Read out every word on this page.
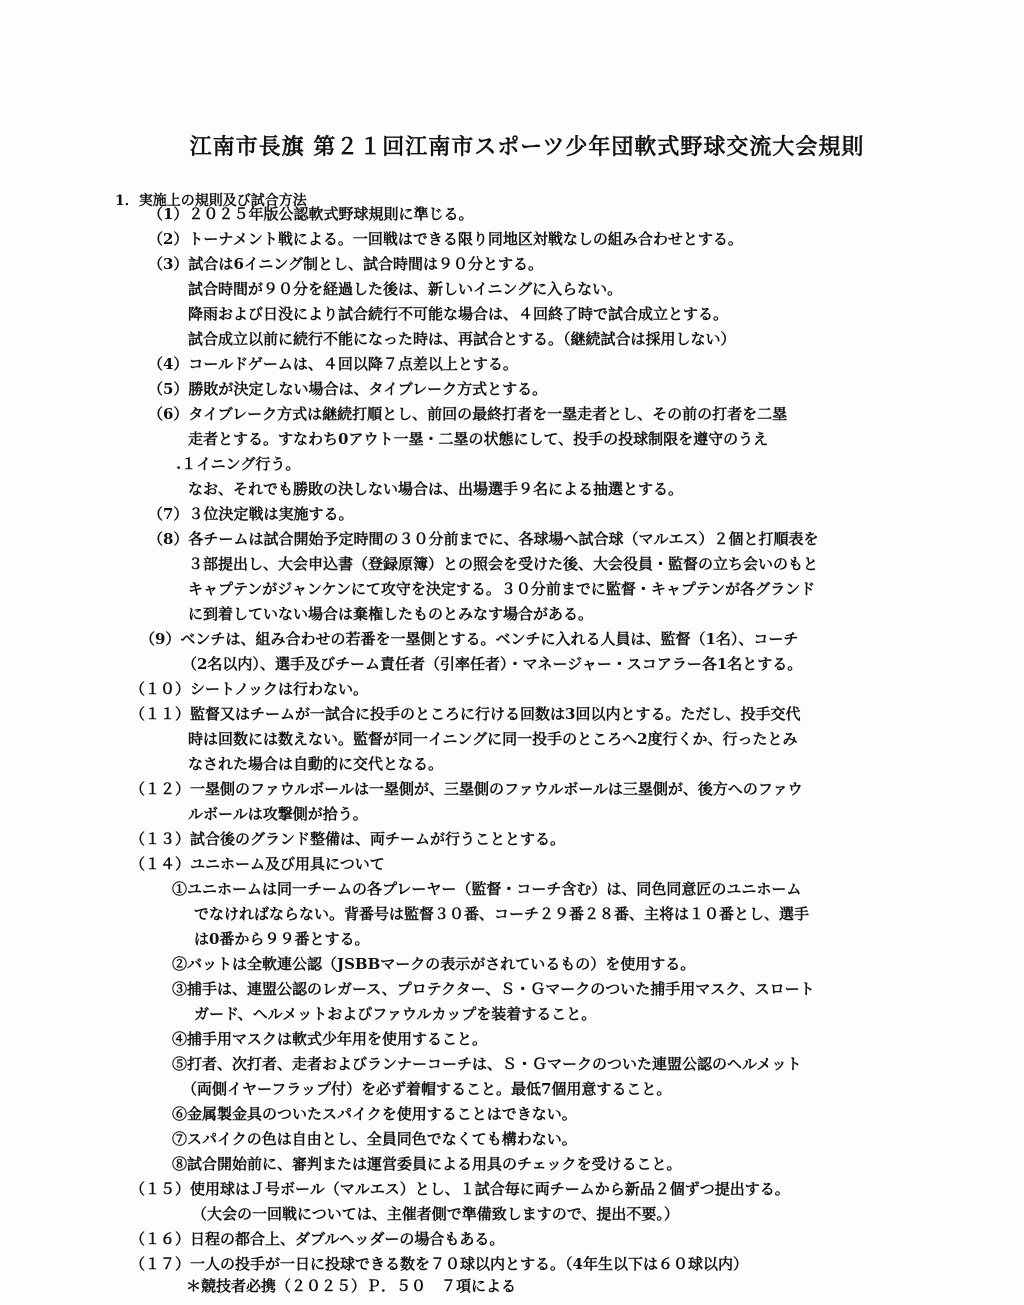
江南市長旗 第２１回江南市スポーツ少年団軟式野球交流大会規則
1．実施上の規則及び試合方法
（1）２０２５年版公認軟式野球規則に準じる。
（2）トーナメント戦による。一回戦はできる限り同地区対戦なしの組み合わせとする。
（3）試合は6イニング制とし、試合時間は９０分とする。
試合時間が９０分を経過した後は、新しいイニングに入らない。
降雨および日没により試合続行不可能な場合は、４回終了時で試合成立とする。
試合成立以前に続行不能になった時は、再試合とする。（継続試合は採用しない）
（4）コールドゲームは、４回以降７点差以上とする。
（5）勝敗が決定しない場合は、タイブレーク方式とする。
（6）タイブレーク方式は継続打順とし、前回の最終打者を一塁走者とし、その前の打者を二塁
走者とする。すなわち0アウト一塁・二塁の状態にして、投手の投球制限を遵守のうえ
.１イニング行う。
なお、それでも勝敗の決しない場合は、出場選手９名による抽選とする。
（7）３位決定戦は実施する。
（8）各チームは試合開始予定時間の３０分前までに、各球場へ試合球（マルエス）２個と打順表を
３部提出し、大会申込書（登録原簿）との照会を受けた後、大会役員・監督の立ち会いのもと
キャプテンがジャンケンにて攻守を決定する。３０分前までに監督・キャプテンが各グランド
に到着していない場合は棄権したものとみなす場合がある。
（9）ベンチは、組み合わせの若番を一塁側とする。ベンチに入れる人員は、監督（1名）、コーチ
（2名以内）、選手及びチーム責任者（引率任者）・マネージャー・スコアラー各1名とする。
（１０）シートノックは行わない。
（１１）監督又はチームが一試合に投手のところに行ける回数は3回以内とする。ただし、投手交代
時は回数には数えない。監督が同一イニングに同一投手のところへ2度行くか、行ったとみ
なされた場合は自動的に交代となる。
（１２）一塁側のファウルボールは一塁側が、三塁側のファウルボールは三塁側が、後方へのファウ
ルボールは攻撃側が拾う。
（１３）試合後のグランド整備は、両チームが行うこととする。
（１４）ユニホーム及び用具について
①ユニホームは同一チームの各プレーヤー（監督・コーチ含む）は、同色同意匠のユニホーム
でなければならない。背番号は監督３０番、コーチ２９番２８番、主将は１０番とし、選手
は0番から９９番とする。
②バットは全軟連公認（JSBBマークの表示がされているもの）を使用する。
③捕手は、連盟公認のレガース、プロテクター、Ｓ・Ｇマークのついた捕手用マスク、スロート
ガード、ヘルメットおよびファウルカップを装着すること。
④捕手用マスクは軟式少年用を使用すること。
⑤打者、次打者、走者およびランナーコーチは、Ｓ・Ｇマークのついた連盟公認のヘルメット
（両側イヤーフラップ付）を必ず着帽すること。最低7個用意すること。
⑥金属製金具のついたスパイクを使用することはできない。
⑦スパイクの色は自由とし、全員同色でなくても構わない。
⑧試合開始前に、審判または運営委員による用具のチェックを受けること。
（１５）使用球はＪ号ボール（マルエス）とし、１試合毎に両チームから新品２個ずつ提出する。
（大会の一回戦については、主催者側で準備致しますので、提出不要。）
（１６）日程の都合上、ダブルヘッダーの場合もある。
（１７）一人の投手が一日に投球できる数を７０球以内とする。（4年生以下は６０球以内）
＊競技者必携（２０２５）Ｐ．５０　７項による
